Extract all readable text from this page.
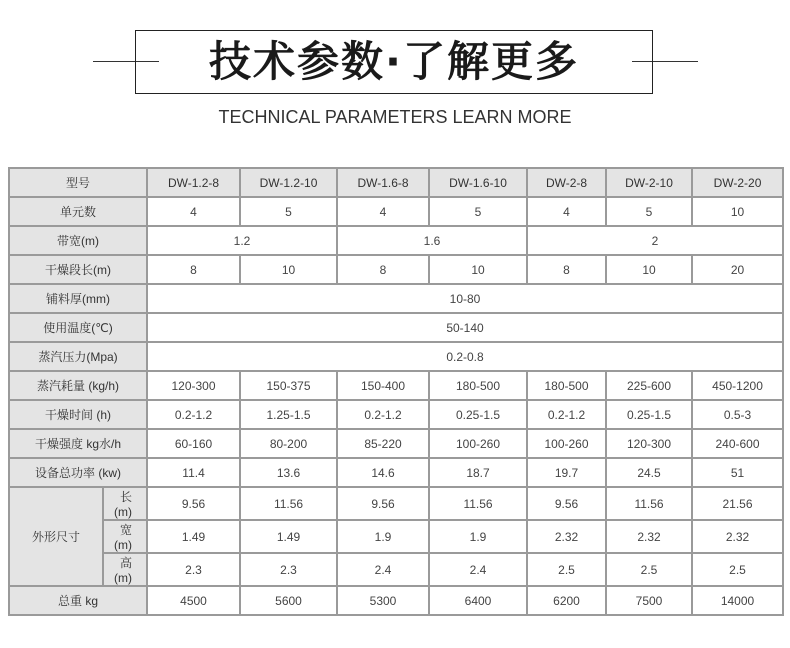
技术参数·了解更多
TECHNICAL PARAMETERS LEARN MORE
型号		DW-1.2-8	DW-1.2-10	DW-1.6-8	DW-1.6-10	DW-2-8	DW-2-10	DW-2-20
单元数		4	5	4	5	4	5	10
带宽(m)		1.2		1.6		2		
干燥段长(m)		8	10	8	10	8	10	20
铺料厚(mm)		10-80						
使用温度(℃)		50-140						
蒸汽压力(Mpa)		0.2-0.8						
蒸汽耗量 (kg/h)		120-300	150-375	150-400	180-500	180-500	225-600	450-1200
干燥时间 (h)		0.2-1.2	1.25-1.5	0.2-1.2	0.25-1.5	0.2-1.2	0.25-1.5	0.5-3
干燥强度 kg水/h		60-160	80-200	85-220	100-260	100-260	120-300	240-600
设备总功率 (kw)		11.4	13.6	14.6	18.7	19.7	24.5	51
外形尺寸	长(m)	9.56	11.56	9.56	11.56	9.56	11.56	21.56
	宽(m)	1.49	1.49	1.9	1.9	2.32	2.32	2.32
	高(m)	2.3	2.3	2.4	2.4	2.5	2.5	2.5
总重 kg		4500	5600	5300	6400	6200	7500	14000
